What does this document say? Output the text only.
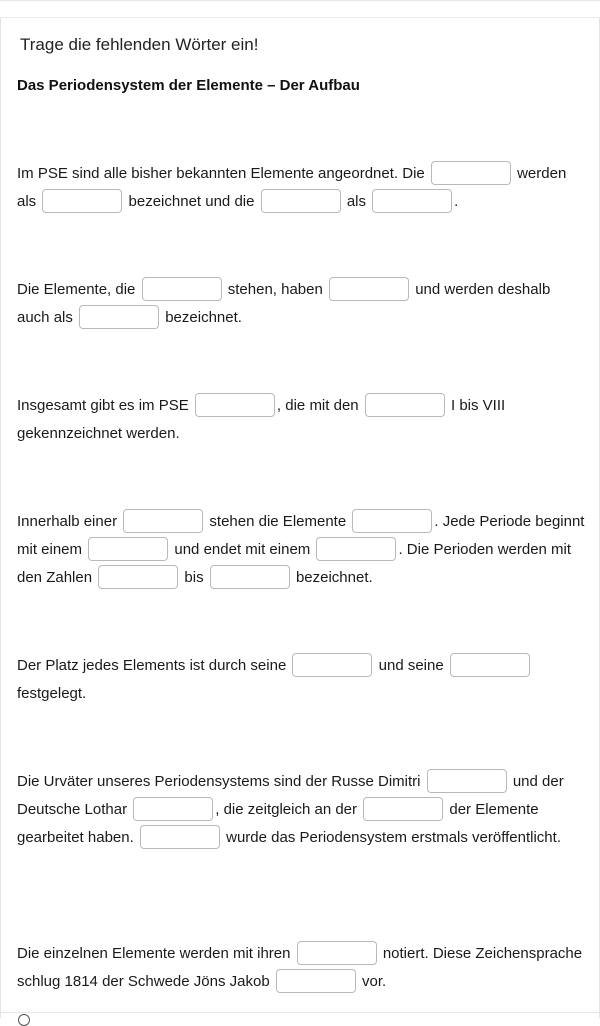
Trage die fehlenden Wörter ein!
Das Periodensystem der Elemente – Der Aufbau
Im PSE sind alle bisher bekannten Elemente angeordnet. Die	werden als	bezeichnet und die	als	.
Die Elemente, die	stehen, haben	und werden deshalb auch als	bezeichnet.
Insgesamt gibt es im PSE	, die mit den	I bis VIII gekennzeichnet werden.
Innerhalb einer	stehen die Elemente	. Jede Periode beginnt mit einem	und endet mit einem	. Die Perioden werden mit den Zahlen	bis	bezeichnet.
Der Platz jedes Elements ist durch seine	und seine  festgelegt.
Die Urväter unseres Periodensystems sind der Russe Dimitri	und der Deutsche Lothar	, die zeitgleich an der	der Elemente gearbeitet haben.	wurde das Periodensystem erstmals veröffentlicht.
Die einzelnen Elemente werden mit ihren	notiert. Diese Zeichensprache schlug 1814 der Schwede Jöns Jakob	vor.
